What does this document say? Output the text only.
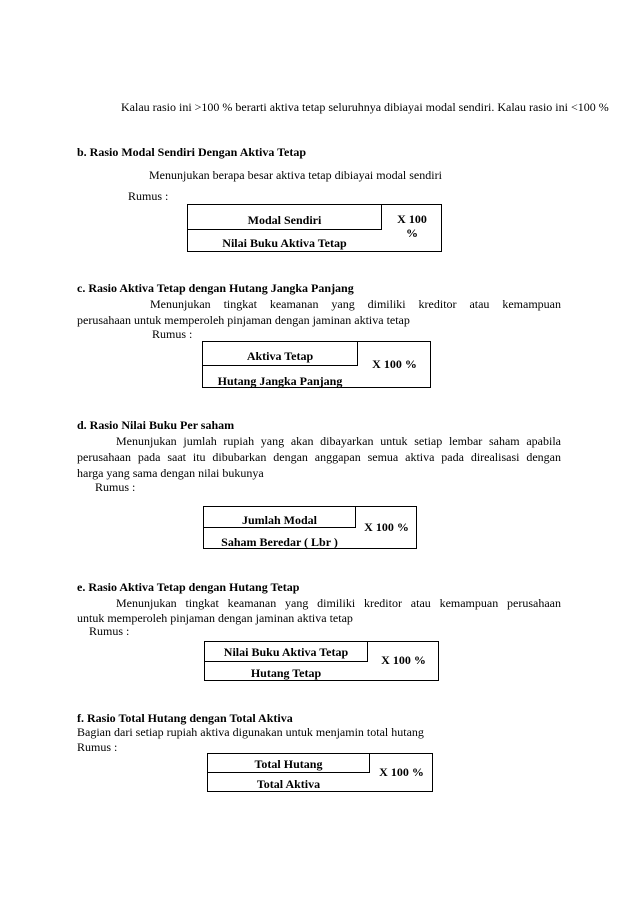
Kalau rasio ini >100 % berarti aktiva tetap seluruhnya dibiayai modal sendiri. Kalau rasio ini <100 %
b. Rasio Modal Sendiri Dengan Aktiva Tetap
Menunjukan berapa besar aktiva tetap dibiayai modal sendiri
Rumus :
Modal Sendiri
Nilai Buku Aktiva Tetap
X 100
%
c. Rasio Aktiva Tetap dengan Hutang Jangka Panjang
Menunjukan tingkat keamanan yang dimiliki kreditor atau kemampuan
perusahaan untuk memperoleh pinjaman dengan jaminan aktiva tetap
Rumus :
Aktiva Tetap
Hutang Jangka Panjang
X 100 %
d. Rasio Nilai Buku Per saham
Menunjukan jumlah rupiah yang akan dibayarkan untuk setiap lembar saham apabila
perusahaan pada saat itu dibubarkan dengan anggapan semua aktiva pada direalisasi dengan
harga yang sama dengan nilai bukunya
Rumus :
Jumlah Modal
Saham Beredar ( Lbr )
X 100 %
e. Rasio Aktiva Tetap dengan Hutang Tetap
Menunjukan tingkat keamanan yang dimiliki kreditor atau kemampuan perusahaan
untuk memperoleh pinjaman dengan jaminan aktiva tetap
Rumus :
Nilai Buku Aktiva Tetap
Hutang Tetap
X 100 %
f. Rasio Total Hutang dengan Total Aktiva
Bagian dari setiap rupiah aktiva digunakan untuk menjamin total hutang
Rumus :
Total Hutang
Total Aktiva
X 100 %
